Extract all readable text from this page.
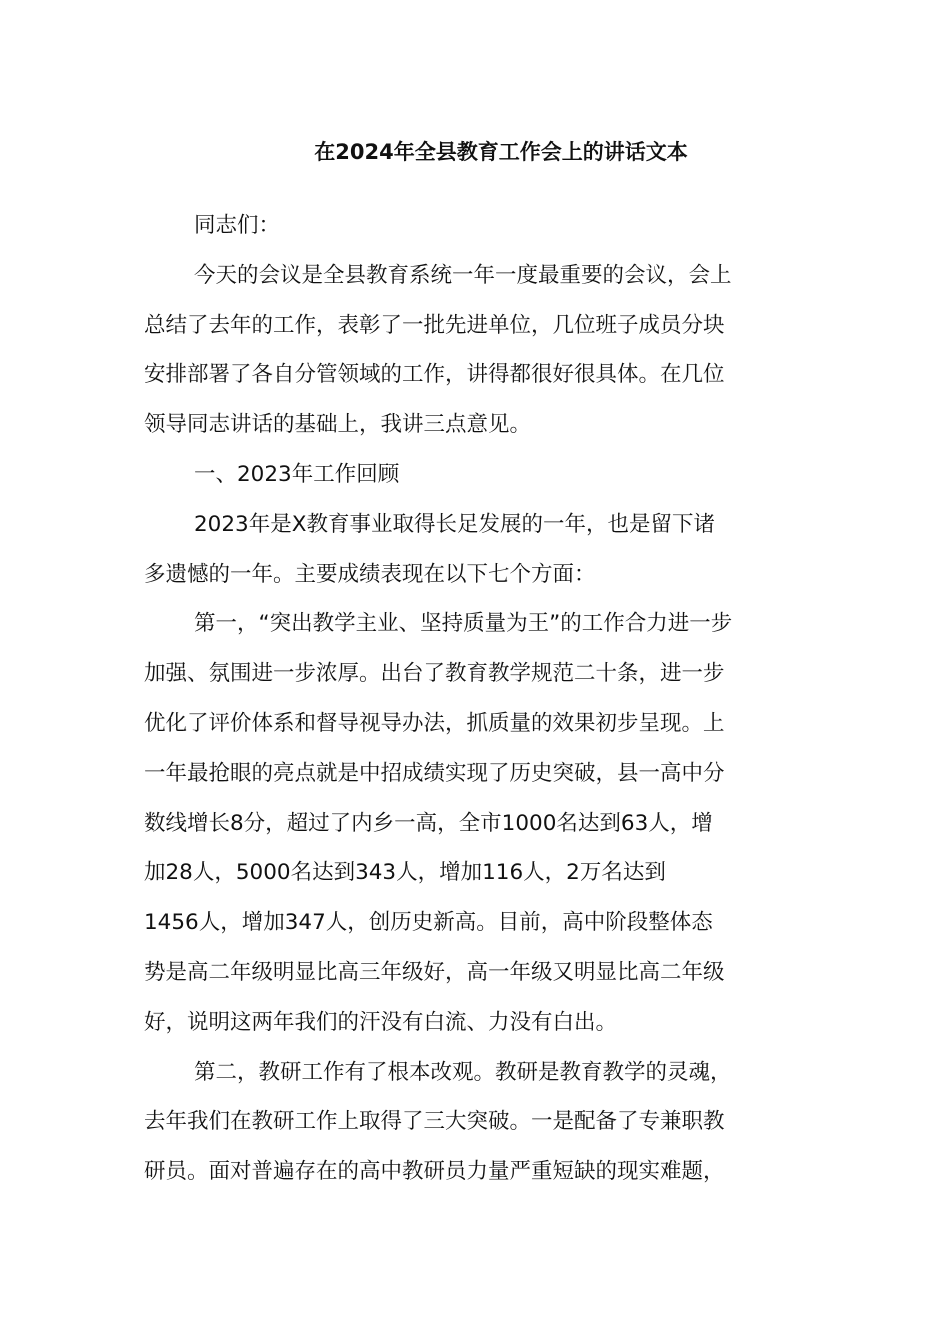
在2024年全县教育工作会上的讲话文本
同志们：
今天的会议是全县教育系统一年一度最重要的会议，会上
总结了去年的工作，表彰了一批先进单位，几位班子成员分块
安排部署了各自分管领域的工作，讲得都很好很具体。在几位
领导同志讲话的基础上，我讲三点意见。
一、2023年工作回顾
2023年是X教育事业取得长足发展的一年，也是留下诸
多遗憾的一年。主要成绩表现在以下七个方面：
第一，“突出教学主业、坚持质量为王”的工作合力进一步
加强、氛围进一步浓厚。出台了教育教学规范二十条，进一步
优化了评价体系和督导视导办法，抓质量的效果初步呈现。上
一年最抢眼的亮点就是中招成绩实现了历史突破，县一高中分
数线增长8分，超过了内乡一高，全市1000名达到63人，增
加28人，5000名达到343人，增加116人，2万名达到
1456人，增加347人，创历史新高。目前，高中阶段整体态
势是高二年级明显比高三年级好，高一年级又明显比高二年级
好，说明这两年我们的汗没有白流、力没有白出。
第二，教研工作有了根本改观。教研是教育教学的灵魂，
去年我们在教研工作上取得了三大突破。一是配备了专兼职教
研员。面对普遍存在的高中教研员力量严重短缺的现实难题，
